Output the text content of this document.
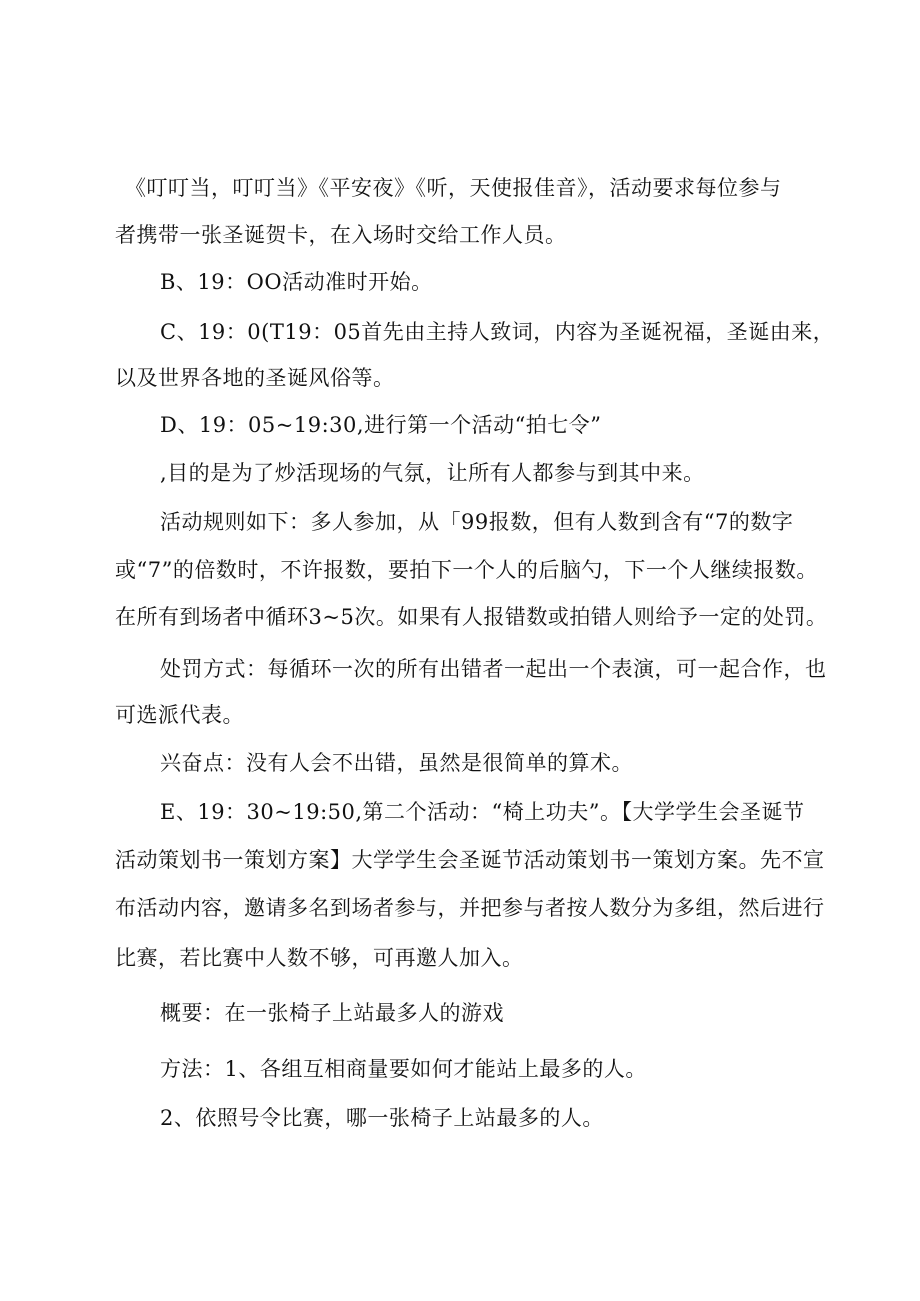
《叮叮当，叮叮当》《平安夜》《听，天使报佳音》，活动要求每位参与
者携带一张圣诞贺卡，在入场时交给工作人员。
B、19：OO活动准时开始。
C、19：0(T19：05首先由主持人致词，内容为圣诞祝福，圣诞由来，
以及世界各地的圣诞风俗等。
D、19：05~19:30,进行第一个活动“拍七令”
,目的是为了炒活现场的气氛，让所有人都参与到其中来。
活动规则如下：多人参加，从「99报数，但有人数到含有“7的数字
或“7”的倍数时，不许报数，要拍下一个人的后脑勺，下一个人继续报数。
在所有到场者中循环3~5次。如果有人报错数或拍错人则给予一定的处罚。
处罚方式：每循环一次的所有出错者一起出一个表演，可一起合作，也
可选派代表。
兴奋点：没有人会不出错，虽然是很简单的算术。
E、19：30~19:50,第二个活动：“椅上功夫”。【大学学生会圣诞节
活动策划书一策划方案】大学学生会圣诞节活动策划书一策划方案。先不宣
布活动内容，邀请多名到场者参与，并把参与者按人数分为多组，然后进行
比赛，若比赛中人数不够，可再邀人加入。
概要：在一张椅子上站最多人的游戏
方法：1、各组互相商量要如何才能站上最多的人。
2、依照号令比赛，哪一张椅子上站最多的人。
